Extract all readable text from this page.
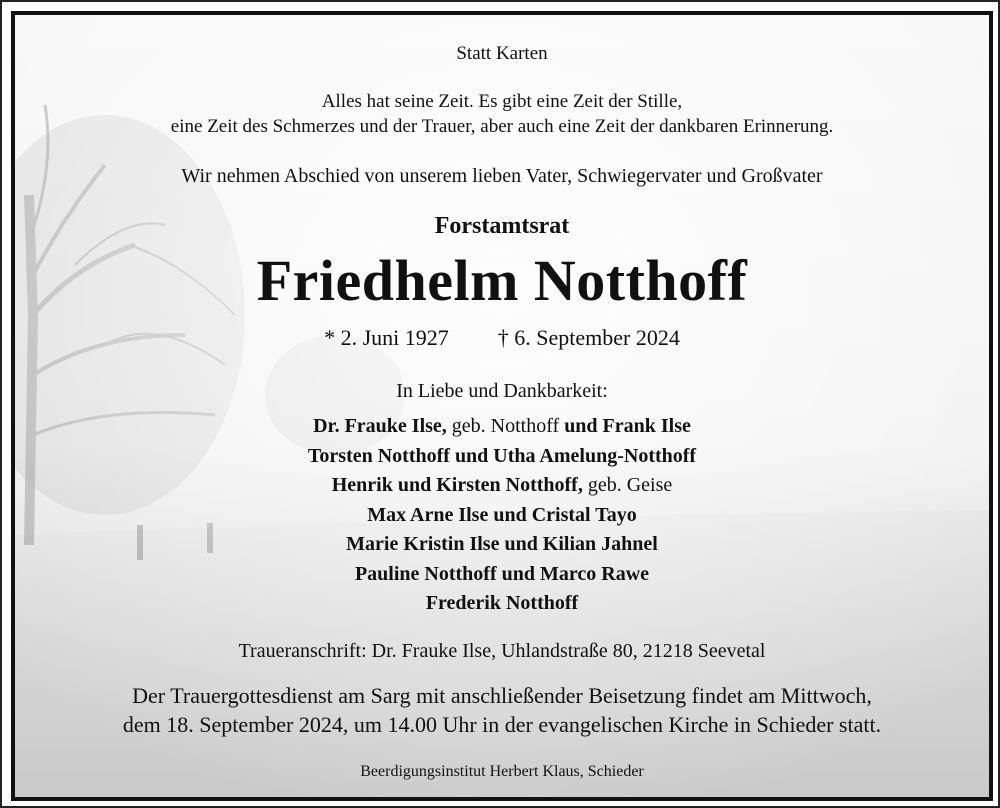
Statt Karten

Alles hat seine Zeit. Es gibt eine Zeit der Stille,

eine Zeit des Schmerzes und der Trauer, aber auch eine Zeit der dankbaren Erinnerung.

Wir nehmen Abschied von unserem lieben Vater, Schwiegervater und Großvater

Forstamtsrat

Friedhelm Notthoff

* 2. Juni 1927 † 6. September 2024

In Liebe und Dankbarkeit:

Dr. Frauke Ilse, geb. Notthoff und Frank Ilse

Torsten Notthoff und Utha Amelung-Notthoff

Henrik und Kirsten Notthoff, geb. Geise

Max Arne Ilse und Cristal Tayo

Marie Kristin Ilse und Kilian Jahnel

Pauline Notthoff und Marco Rawe

Frederik Notthoff

Traueranschrift: Dr. Frauke Ilse, Uhlandstraße 80, 21218 Seevetal

Der Trauergottesdienst am Sarg mit anschließender Beisetzung findet am Mittwoch,

dem 18. September 2024, um 14.00 Uhr in der evangelischen Kirche in Schieder statt.

Beerdigungsinstitut Herbert Klaus, Schieder
